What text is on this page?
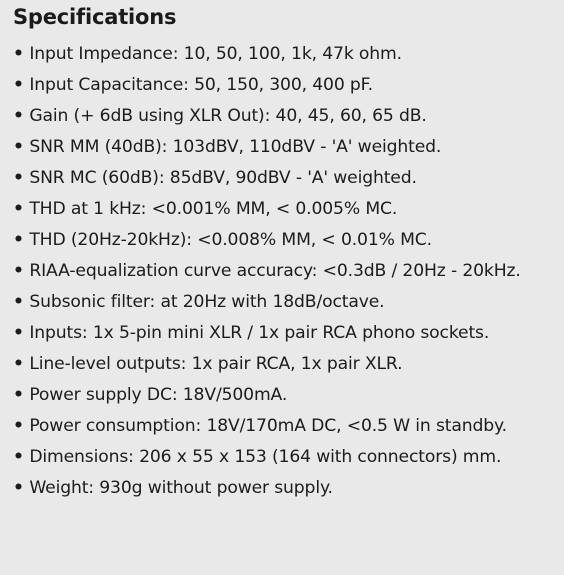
Specifications
• Input Impedance: 10, 50, 100, 1k, 47k ohm.
• Input Capacitance: 50, 150, 300, 400 pF.
• Gain (+ 6dB using XLR Out): 40, 45, 60, 65 dB.
• SNR MM (40dB): 103dBV, 110dBV - 'A' weighted.
• SNR MC (60dB): 85dBV, 90dBV - 'A' weighted.
• THD at 1 kHz: <0.001% MM, < 0.005% MC.
• THD (20Hz-20kHz): <0.008% MM, < 0.01% MC.
• RIAA-equalization curve accuracy: <0.3dB / 20Hz - 20kHz.
• Subsonic filter: at 20Hz with 18dB/octave.
• Inputs: 1x 5-pin mini XLR / 1x pair RCA phono sockets.
• Line-level outputs: 1x pair RCA, 1x pair XLR.
• Power supply DC: 18V/500mA.
• Power consumption: 18V/170mA DC, <0.5 W in standby.
• Dimensions: 206 x 55 x 153 (164 with connectors) mm.
• Weight: 930g without power supply.
